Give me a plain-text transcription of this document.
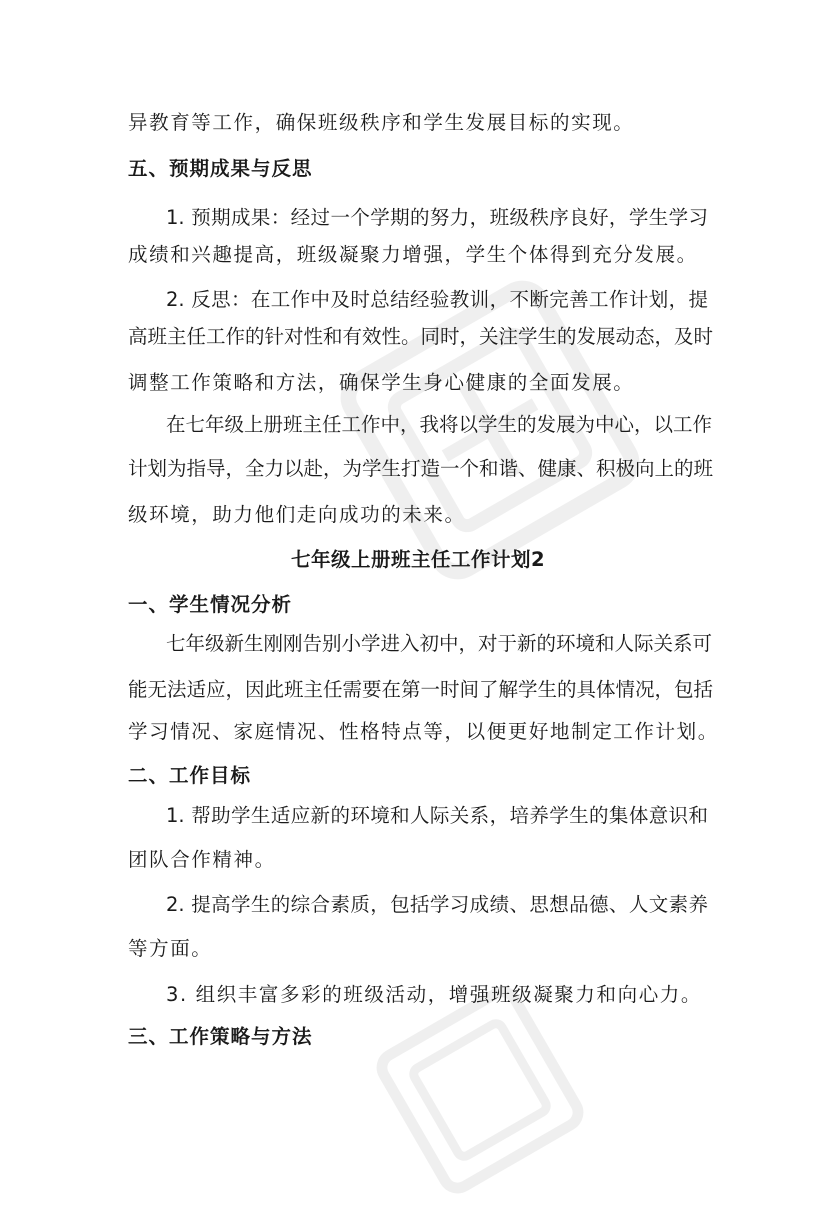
异教育等工作，确保班级秩序和学生发展目标的实现。
五、预期成果与反思
1. 预期成果：经过一个学期的努力，班级秩序良好，学生学习
成绩和兴趣提高，班级凝聚力增强，学生个体得到充分发展。
2. 反思：在工作中及时总结经验教训，不断完善工作计划，提
高班主任工作的针对性和有效性。同时，关注学生的发展动态，及时
调整工作策略和方法，确保学生身心健康的全面发展。
在七年级上册班主任工作中，我将以学生的发展为中心，以工作
计划为指导，全力以赴，为学生打造一个和谐、健康、积极向上的班
级环境，助力他们走向成功的未来。
七年级上册班主任工作计划2
一、学生情况分析
七年级新生刚刚告别小学进入初中，对于新的环境和人际关系可
能无法适应，因此班主任需要在第一时间了解学生的具体情况，包括
学习情况、家庭情况、性格特点等，以便更好地制定工作计划。
二、工作目标
1. 帮助学生适应新的环境和人际关系，培养学生的集体意识和
团队合作精神。
2. 提高学生的综合素质，包括学习成绩、思想品德、人文素养
等方面。
3. 组织丰富多彩的班级活动，增强班级凝聚力和向心力。
三、工作策略与方法
